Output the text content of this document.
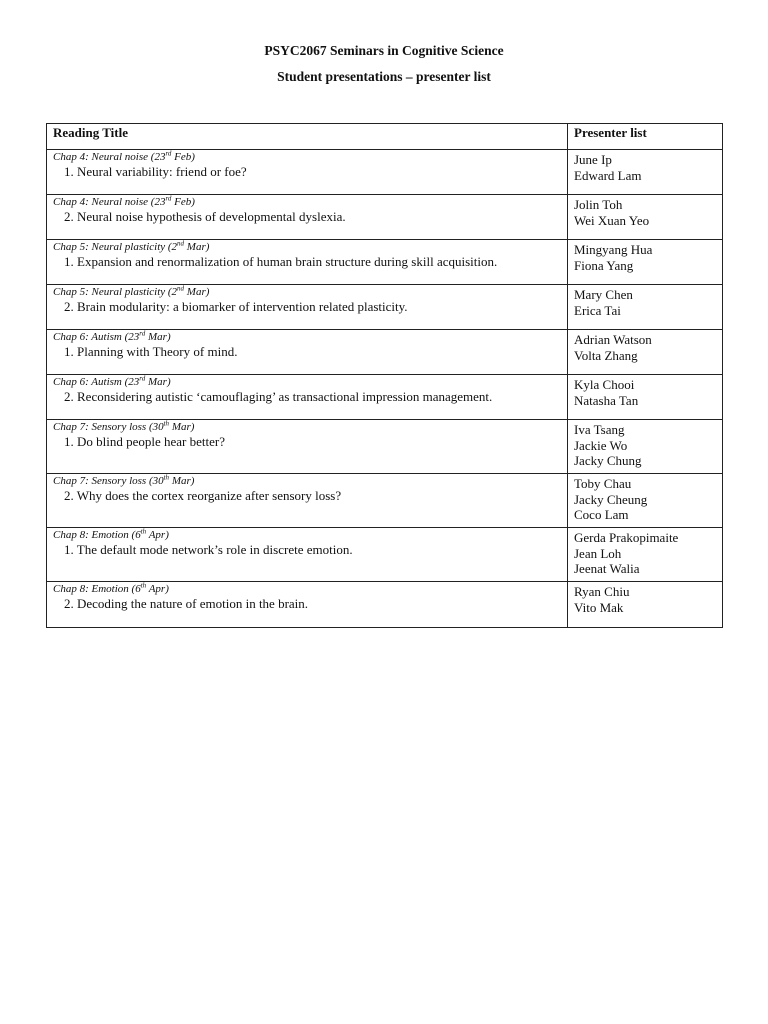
PSYC2067 Seminars in Cognitive Science
Student presentations – presenter list
Reading Title	Presenter list

Chap 4: Neural noise (23rd Feb)
1. Neural variability: friend or foe?	June Ip
Edward Lam

Chap 4: Neural noise (23rd Feb)
2. Neural noise hypothesis of developmental dyslexia.	Jolin Toh
Wei Xuan Yeo

Chap 5: Neural plasticity (2nd Mar)
1. Expansion and renormalization of human brain structure during skill acquisition.	Mingyang Hua
Fiona Yang

Chap 5: Neural plasticity (2nd Mar)
2. Brain modularity: a biomarker of intervention related plasticity.	Mary Chen
Erica Tai

Chap 6: Autism (23rd Mar)
1. Planning with Theory of mind.	Adrian Watson
Volta Zhang

Chap 6: Autism (23rd Mar)
2. Reconsidering autistic ‘camouflaging’ as transactional impression management.	Kyla Chooi
Natasha Tan

Chap 7: Sensory loss (30th Mar)
1. Do blind people hear better?	Iva Tsang
Jackie Wo
Jacky Chung

Chap 7: Sensory loss (30th Mar)
2. Why does the cortex reorganize after sensory loss?	Toby Chau
Jacky Cheung
Coco Lam

Chap 8: Emotion (6th Apr)
1. The default mode network’s role in discrete emotion.	Gerda Prakopimaite
Jean Loh
Jeenat Walia

Chap 8: Emotion (6th Apr)
2. Decoding the nature of emotion in the brain.	Ryan Chiu
Vito Mak
